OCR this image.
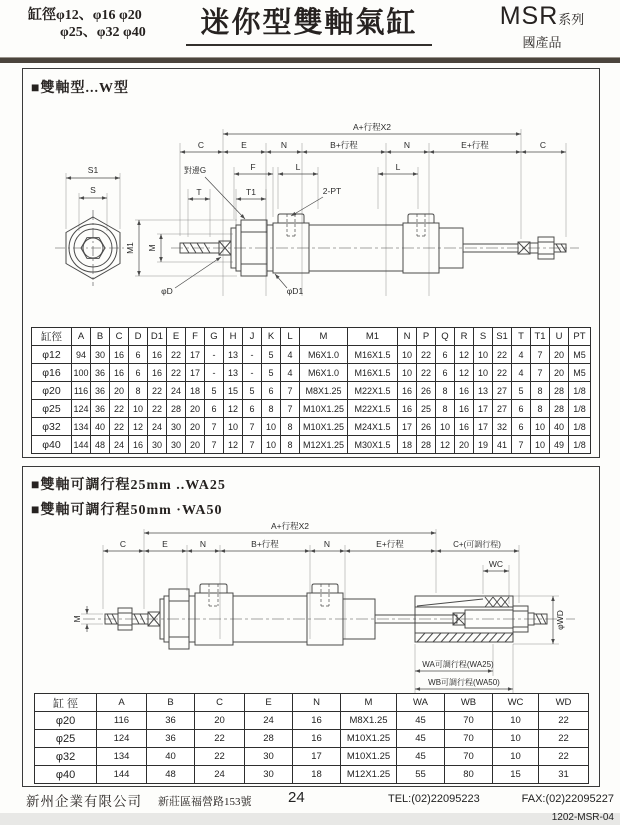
缸徑φ12、φ16 φ20
φ25、φ32 φ40	迷你型雙軸氣缸	MSR系列
國產品
■雙軸型...W型
A+行程X2
C	E	N	B+行程	N	E+行程	C
對邊G	F	L	L
T	T1	2-PT
S1
S
M1 M
φD	φD1
缸徑	A	B	C	D	D1	E	F	G	H	J	K	L	M	M1	N	P	Q	R	S	S1	T	T1	U	PT
φ12	94	30	16	6	16	22	17	-	13	-	5	4	M6X1.0	M16X1.5	10	22	6	12	10	22	4	7	20	M5
φ16	100	36	16	6	16	22	17	-	13	-	5	4	M6X1.0	M16X1.5	10	22	6	12	10	22	4	7	20	M5
φ20	116	36	20	8	22	24	18	5	15	5	6	7	M8X1.25	M22X1.5	16	26	8	16	13	27	5	8	28	1/8
φ25	124	36	22	10	22	28	20	6	12	6	8	7	M10X1.25	M22X1.5	16	25	8	16	17	27	6	8	28	1/8
φ32	134	40	22	12	24	30	20	7	10	7	10	8	M10X1.25	M24X1.5	17	26	10	16	17	32	6	10	40	1/8
φ40	144	48	24	16	30	30	20	7	12	7	10	8	M12X1.25	M30X1.5	18	28	12	20	19	41	7	10	49	1/8
■雙軸可調行程25mm ..WA25
■雙軸可調行程50mm ·WA50
A+行程X2
C	E	N	B+行程	N	E+行程	C+(可調行程)
WC
M	φWD
WA可調行程(WA25)
WB可調行程(WA50)
缸 徑	A	B	C	E	N	M	WA	WB	WC	WD
φ20	116	36	20	24	16	M8X1.25	45	70	10	22
φ25	124	36	22	28	16	M10X1.25	45	70	10	22
φ32	134	40	22	30	17	M10X1.25	45	70	10	22
φ40	144	48	24	30	18	M12X1.25	55	80	15	31
新州企業有限公司 新莊區福營路153號 24	TEL:(02)22095223	FAX:(02)22095227
1202-MSR-04
